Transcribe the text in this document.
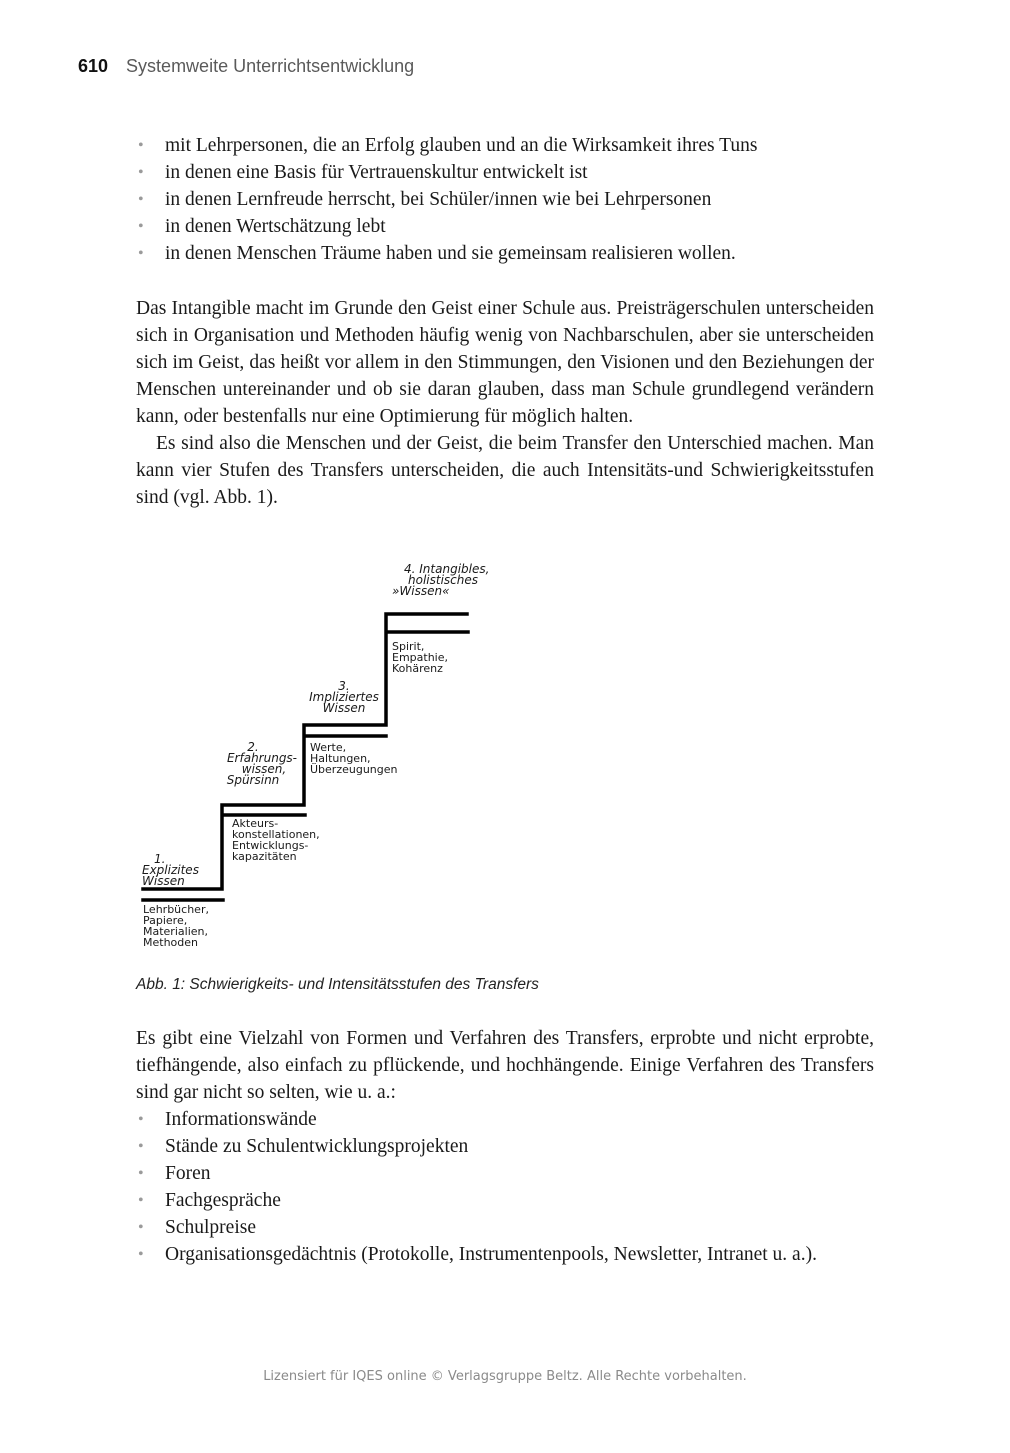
610 Systemweite Unterrichtsentwicklung
• mit Lehrpersonen, die an Erfolg glauben und an die Wirksamkeit ihres Tuns
• in denen eine Basis für Vertrauenskultur entwickelt ist
• in denen Lernfreude herrscht, bei Schüler/innen wie bei Lehrpersonen
• in denen Wertschätzung lebt
• in denen Menschen Träume haben und sie gemeinsam realisieren wollen.

Das Intangible macht im Grunde den Geist einer Schule aus. Preisträgerschulen unterscheiden sich in Organisation und Methoden häufig wenig von Nachbarschulen, aber sie unterscheiden sich im Geist, das heißt vor allem in den Stimmungen, den Visionen und den Beziehungen der Menschen untereinander und ob sie daran glauben, dass man Schule grundlegend verändern kann, oder bestenfalls nur eine Optimierung für möglich halten.

Es sind also die Menschen und der Geist, die beim Transfer den Unterschied machen. Man kann vier Stufen des Transfers unterscheiden, die auch Intensitäts-und Schwierigkeitsstufen sind (vgl. Abb. 1).

1.
Explizites
Wissen
Lehrbücher,
Papiere,
Materialien,
Methoden
2.
Erfahrungs-
wissen,
Spürsinn
Akteurs-
konstellationen,
Entwicklungs-
kapazitäten
3.
Impliziertes
Wissen
Werte,
Haltungen,
Überzeugungen
4. Intangibles,
holistisches
»Wissen«
Spirit,
Empathie,
Kohärenz
Abb. 1: Schwierigkeits- und Intensitätsstufen des Transfers

Es gibt eine Vielzahl von Formen und Verfahren des Transfers, erprobte und nicht erprobte, tiefhängende, also einfach zu pflückende, und hochhängende. Einige Verfahren des Transfers sind gar nicht so selten, wie u. a.:

• Informationswände
• Stände zu Schulentwicklungsprojekten
• Foren
• Fachgespräche
• Schulpreise
• Organisationsgedächtnis (Protokolle, Instrumentenpools, Newsletter, Intranet u. a.).
Lizensiert für IQES online © Verlagsgruppe Beltz. Alle Rechte vorbehalten.
